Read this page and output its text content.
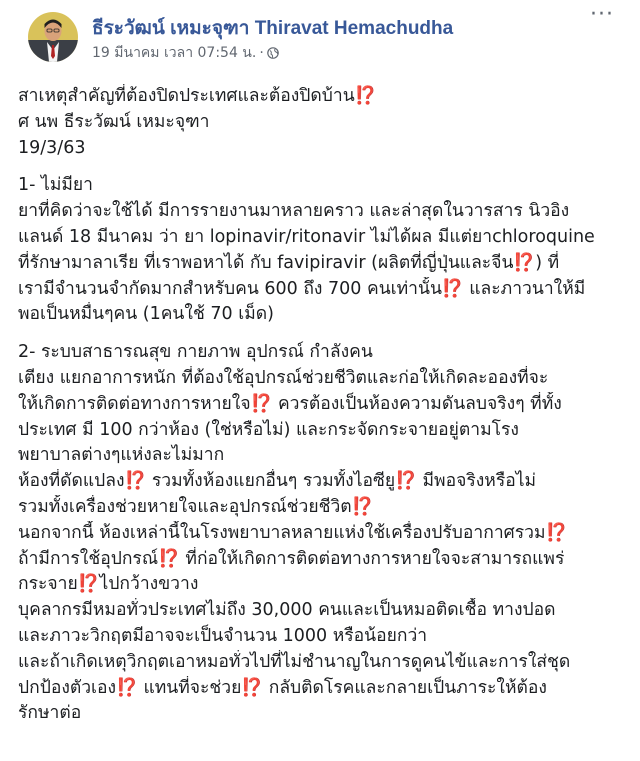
ธีระวัฒน์ เหมะจุฑา Thiravat Hemachudha
19 มีนาคม เวลา 07:54 น. ·
···
สาเหตุสำคัญที่ต้องปิดประเทศและต้องปิดบ้าน⁉️
ศ นพ ธีระวัฒน์ เหมะจุฑา
19/3/63
1- ไม่มียา
ยาที่คิดว่าจะใช้ได้ มีการรายงานมาหลายคราว และล่าสุดในวารสาร นิวอิง
แลนด์ 18 มีนาคม ว่า ยา lopinavir/ritonavir ไม่ได้ผล มีแต่ยาchloroquine
ที่รักษามาลาเรีย ที่เราพอหาได้ กับ favipiravir (ผลิตที่ญี่ปุ่นและจีน⁉️) ที่
เรามีจำนวนจำกัดมากสำหรับคน 600 ถึง 700 คนเท่านั้น⁉️ และภาวนาให้มี
พอเป็นหมื่นๆคน (1คนใช้ 70 เม็ด)
2- ระบบสาธารณสุข กายภาพ อุปกรณ์ กำลังคน
เตียง แยกอาการหนัก ที่ต้องใช้อุปกรณ์ช่วยชีวิตและก่อให้เกิดละอองที่จะ
ให้เกิดการติดต่อทางการหายใจ⁉️ ควรต้องเป็นห้องความดันลบจริงๆ ที่ทั้ง
ประเทศ มี 100 กว่าห้อง (ใช่หรือไม่) และกระจัดกระจายอยู่ตามโรง
พยาบาลต่างๆแห่งละไม่มาก
ห้องที่ดัดแปลง⁉️ รวมทั้งห้องแยกอื่นๆ รวมทั้งไอซียู⁉️ มีพอจริงหรือไม่
รวมทั้งเครื่องช่วยหายใจและอุปกรณ์ช่วยชีวิต⁉️
นอกจากนี้ ห้องเหล่านี้ในโรงพยาบาลหลายแห่งใช้เครื่องปรับอากาศรวม⁉️
ถ้ามีการใช้อุปกรณ์⁉️ ที่ก่อให้เกิดการติดต่อทางการหายใจจะสามารถแพร่
กระจาย⁉️ไปกว้างขวาง
บุคลากรมีหมอทั่วประเทศไม่ถึง 30,000 คนและเป็นหมอติดเชื้อ ทางปอด
และภาวะวิกฤตมีอาจจะเป็นจำนวน 1000 หรือน้อยกว่า
และถ้าเกิดเหตุวิกฤตเอาหมอทั่วไปที่ไม่ชำนาญในการดูคนไข้และการใส่ชุด
ปกป้องตัวเอง⁉️ แทนที่จะช่วย⁉️ กลับติดโรคและกลายเป็นภาระให้ต้อง
รักษาต่อ
